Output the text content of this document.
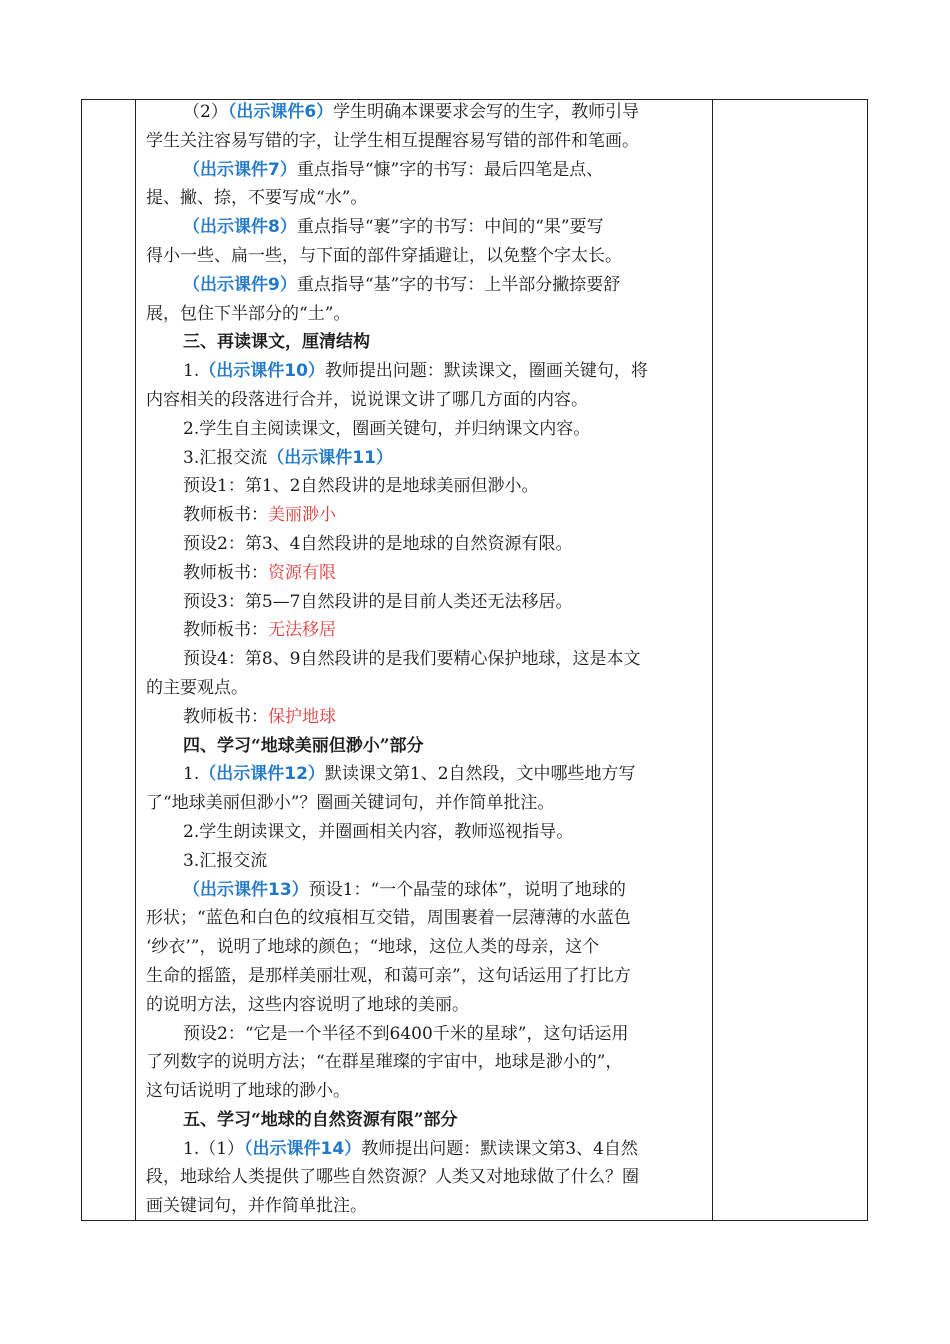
（2）（出示课件6）学生明确本课要求会写的生字，教师引导
学生关注容易写错的字，让学生相互提醒容易写错的部件和笔画。
（出示课件7）重点指导“慷”字的书写：最后四笔是点、
提、撇、捺，不要写成“水”。
（出示课件8）重点指导“裹”字的书写：中间的“果”要写
得小一些、扁一些，与下面的部件穿插避让，以免整个字太长。
（出示课件9）重点指导“基”字的书写：上半部分撇捺要舒
展，包住下半部分的“土”。
三、再读课文，厘清结构
1.（出示课件10）教师提出问题：默读课文，圈画关键句，将
内容相关的段落进行合并，说说课文讲了哪几方面的内容。
2.学生自主阅读课文，圈画关键句，并归纳课文内容。
3.汇报交流（出示课件11）
预设1：第1、2自然段讲的是地球美丽但渺小。
教师板书：美丽渺小
预设2：第3、4自然段讲的是地球的自然资源有限。
教师板书：资源有限
预设3：第5—7自然段讲的是目前人类还无法移居。
教师板书：无法移居
预设4：第8、9自然段讲的是我们要精心保护地球，这是本文
的主要观点。
教师板书：保护地球
四、学习“地球美丽但渺小”部分
1.（出示课件12）默读课文第1、2自然段，文中哪些地方写
了“地球美丽但渺小”？圈画关键词句，并作简单批注。
2.学生朗读课文，并圈画相关内容，教师巡视指导。
3.汇报交流
（出示课件13）预设1：“一个晶莹的球体”，说明了地球的
形状；“蓝色和白色的纹痕相互交错，周围裹着一层薄薄的水蓝色
‘纱衣’”，说明了地球的颜色；“地球，这位人类的母亲，这个
生命的摇篮，是那样美丽壮观，和蔼可亲”，这句话运用了打比方
的说明方法，这些内容说明了地球的美丽。
预设2：“它是一个半径不到6400千米的星球”，这句话运用
了列数字的说明方法；“在群星璀璨的宇宙中，地球是渺小的”，
这句话说明了地球的渺小。
五、学习“地球的自然资源有限”部分
1.（1）（出示课件14）教师提出问题：默读课文第3、4自然
段，地球给人类提供了哪些自然资源？人类又对地球做了什么？圈
画关键词句，并作简单批注。
